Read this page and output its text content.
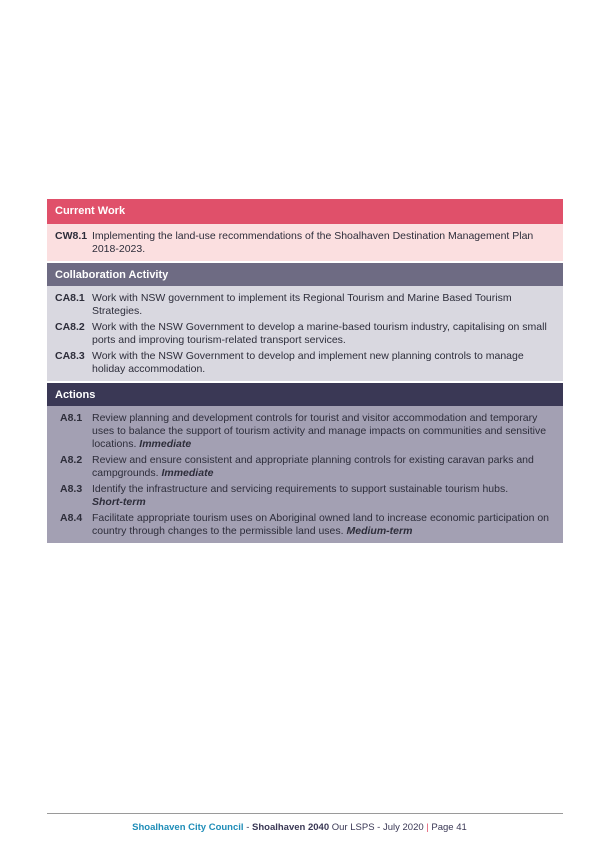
Current Work
CW8.1 Implementing the land-use recommendations of the Shoalhaven Destination Management Plan 2018-2023.
Collaboration Activity
CA8.1 Work with NSW government to implement its Regional Tourism and Marine Based Tourism Strategies.
CA8.2 Work with the NSW Government to develop a marine-based tourism industry, capitalising on small ports and improving tourism-related transport services.
CA8.3 Work with the NSW Government to develop and implement new planning controls to manage holiday accommodation.
Actions
A8.1 Review planning and development controls for tourist and visitor accommodation and temporary uses to balance the support of tourism activity and manage impacts on communities and sensitive locations. Immediate
A8.2 Review and ensure consistent and appropriate planning controls for existing caravan parks and campgrounds. Immediate
A8.3 Identify the infrastructure and servicing requirements to support sustainable tourism hubs.
Short-term
A8.4 Facilitate appropriate tourism uses on Aboriginal owned land to increase economic participation on country through changes to the permissible land uses. Medium-term
Shoalhaven City Council - Shoalhaven 2040 Our LSPS - July 2020 | Page 41
